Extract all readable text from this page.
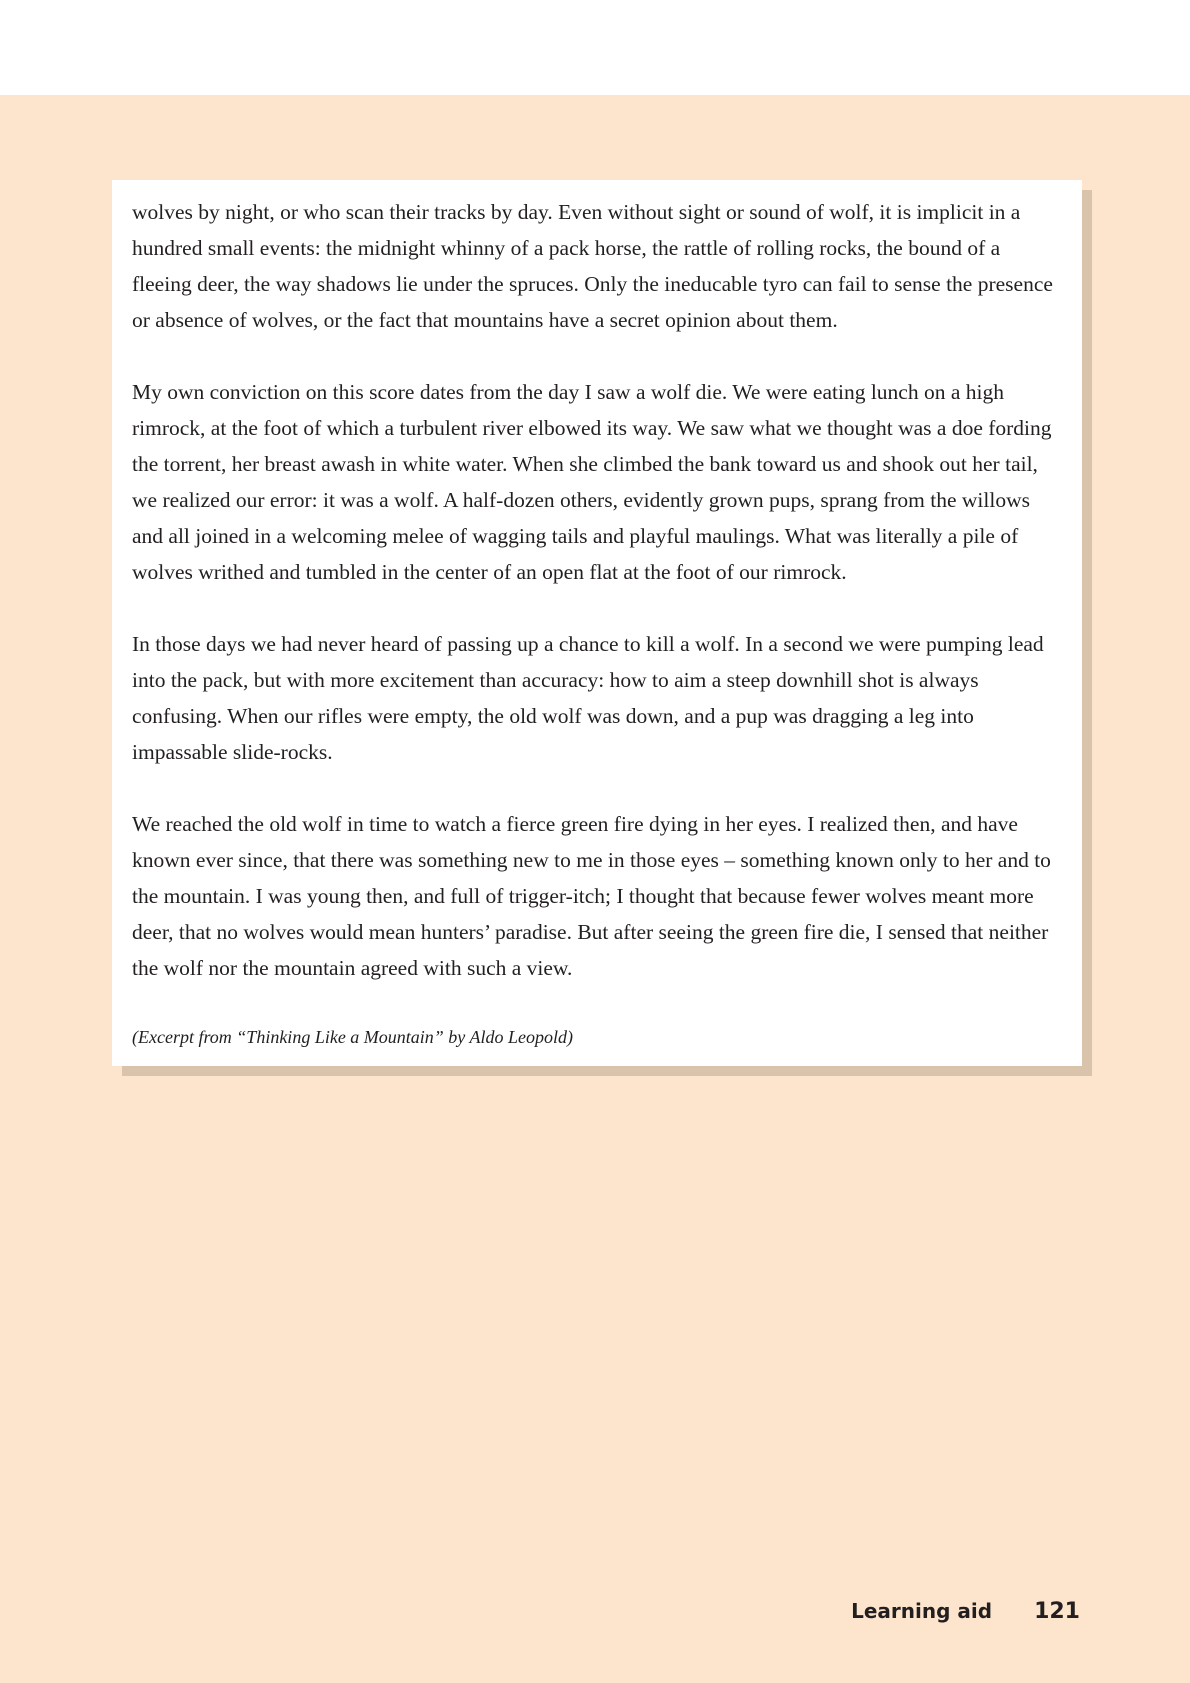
wolves by night, or who scan their tracks by day. Even without sight or sound of wolf, it is implicit in a hundred small events: the midnight whinny of a pack horse, the rattle of rolling rocks, the bound of a fleeing deer, the way shadows lie under the spruces. Only the ineducable tyro can fail to sense the presence or absence of wolves, or the fact that mountains have a secret opinion about them.

My own conviction on this score dates from the day I saw a wolf die. We were eating lunch on a high rimrock, at the foot of which a turbulent river elbowed its way. We saw what we thought was a doe fording the torrent, her breast awash in white water. When she climbed the bank toward us and shook out her tail, we realized our error: it was a wolf. A half-dozen others, evidently grown pups, sprang from the willows and all joined in a welcoming melee of wagging tails and playful maulings. What was literally a pile of wolves writhed and tumbled in the center of an open flat at the foot of our rimrock.

In those days we had never heard of passing up a chance to kill a wolf. In a second we were pumping lead into the pack, but with more excitement than accuracy: how to aim a steep downhill shot is always confusing. When our rifles were empty, the old wolf was down, and a pup was dragging a leg into impassable slide-rocks.

We reached the old wolf in time to watch a fierce green fire dying in her eyes. I realized then, and have known ever since, that there was something new to me in those eyes – something known only to her and to the mountain. I was young then, and full of trigger-itch; I thought that because fewer wolves meant more deer, that no wolves would mean hunters’ paradise. But after seeing the green fire die, I sensed that neither the wolf nor the mountain agreed with such a view.

(Excerpt from “Thinking Like a Mountain” by Aldo Leopold)

Learning aid 121
